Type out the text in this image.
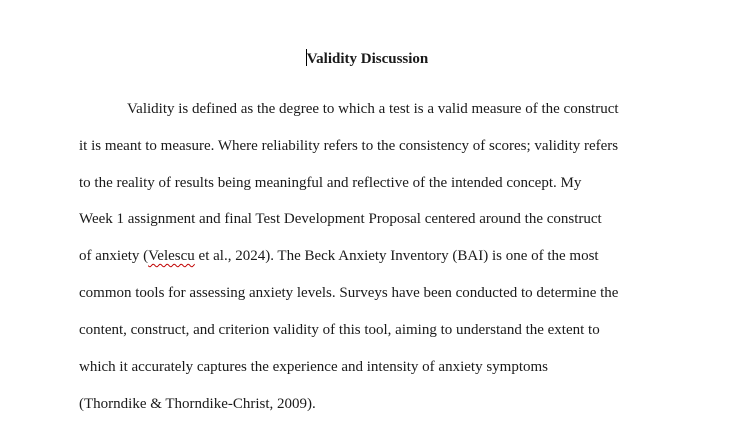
Validity Discussion
Validity is defined as the degree to which a test is a valid measure of the construct
it is meant to measure. Where reliability refers to the consistency of scores; validity refers
to the reality of results being meaningful and reflective of the intended concept. My
Week 1 assignment and final Test Development Proposal centered around the construct
of anxiety (Velescu et al., 2024). The Beck Anxiety Inventory (BAI) is one of the most
common tools for assessing anxiety levels. Surveys have been conducted to determine the
content, construct, and criterion validity of this tool, aiming to understand the extent to
which it accurately captures the experience and intensity of anxiety symptoms
(Thorndike & Thorndike-Christ, 2009).
